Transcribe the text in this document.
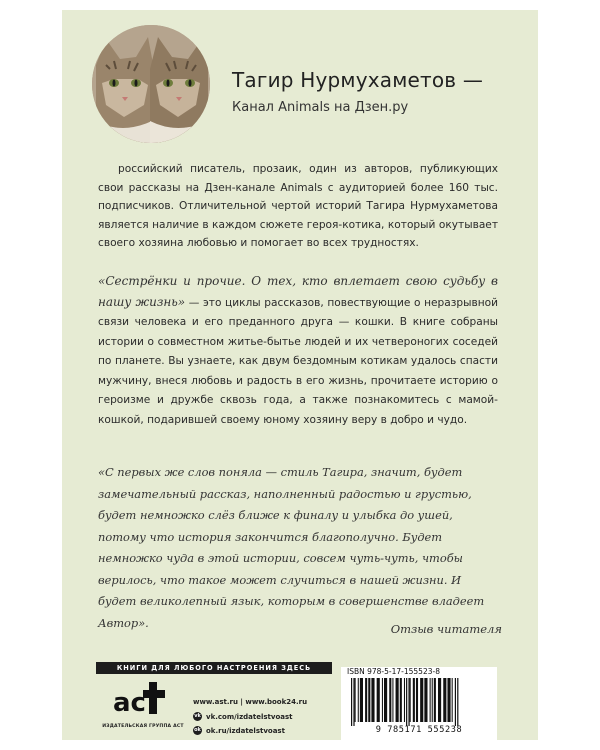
Тагир Нурмухаметов —
Канал Animals на Дзен.ру

российский писатель, прозаик, один из авторов, публикующих свои рассказы на Дзен-канале Animals с аудиторией более 160 тыс. подписчиков. Отличительной чертой историй Тагира Нурмухаметова является наличие в каждом сюжете героя-котика, который окутывает своего хозяина любовью и помогает во всех трудностях.

«Сестрёнки и прочие. О тех, кто вплетает свою судьбу в нашу жизнь» — это циклы рассказов, повествующие о неразрывной связи человека и его преданного друга — кошки. В книге собраны истории о совместном житье-бытье людей и их четвероногих соседей по планете. Вы узнаете, как двум бездомным котикам удалось спасти мужчину, внеся любовь и радость в его жизнь, прочитаете историю о героизме и дружбе сквозь года, а также познакомитесь с мамой-кошкой, подарившей своему юному хозяину веру в добро и чудо.

«С первых же слов поняла — стиль Тагира, значит, будет замечательный рассказ, наполненный радостью и грустью, будет немножко слёз ближе к финалу и улыбка до ушей, потому что история закончится благополучно. Будет немножко чуда в этой истории, совсем чуть-чуть, чтобы верилось, что такое может случиться в нашей жизни. И будет великолепный язык, которым в совершенстве владеет Автор».	Отзыв читателя
КНИГИ ДЛЯ ЛЮБОГО НАСТРОЕНИЯ ЗДЕСЬ
ac
ИЗДАТЕЛЬСКАЯ ГРУППА АСТ
www.ast.ru | www.book24.ru
vk vk.com/izdatelstvoast
ok ok.ru/izdatelstvoast
ISBN 978-5-17-155523-8
9 785171 555238
